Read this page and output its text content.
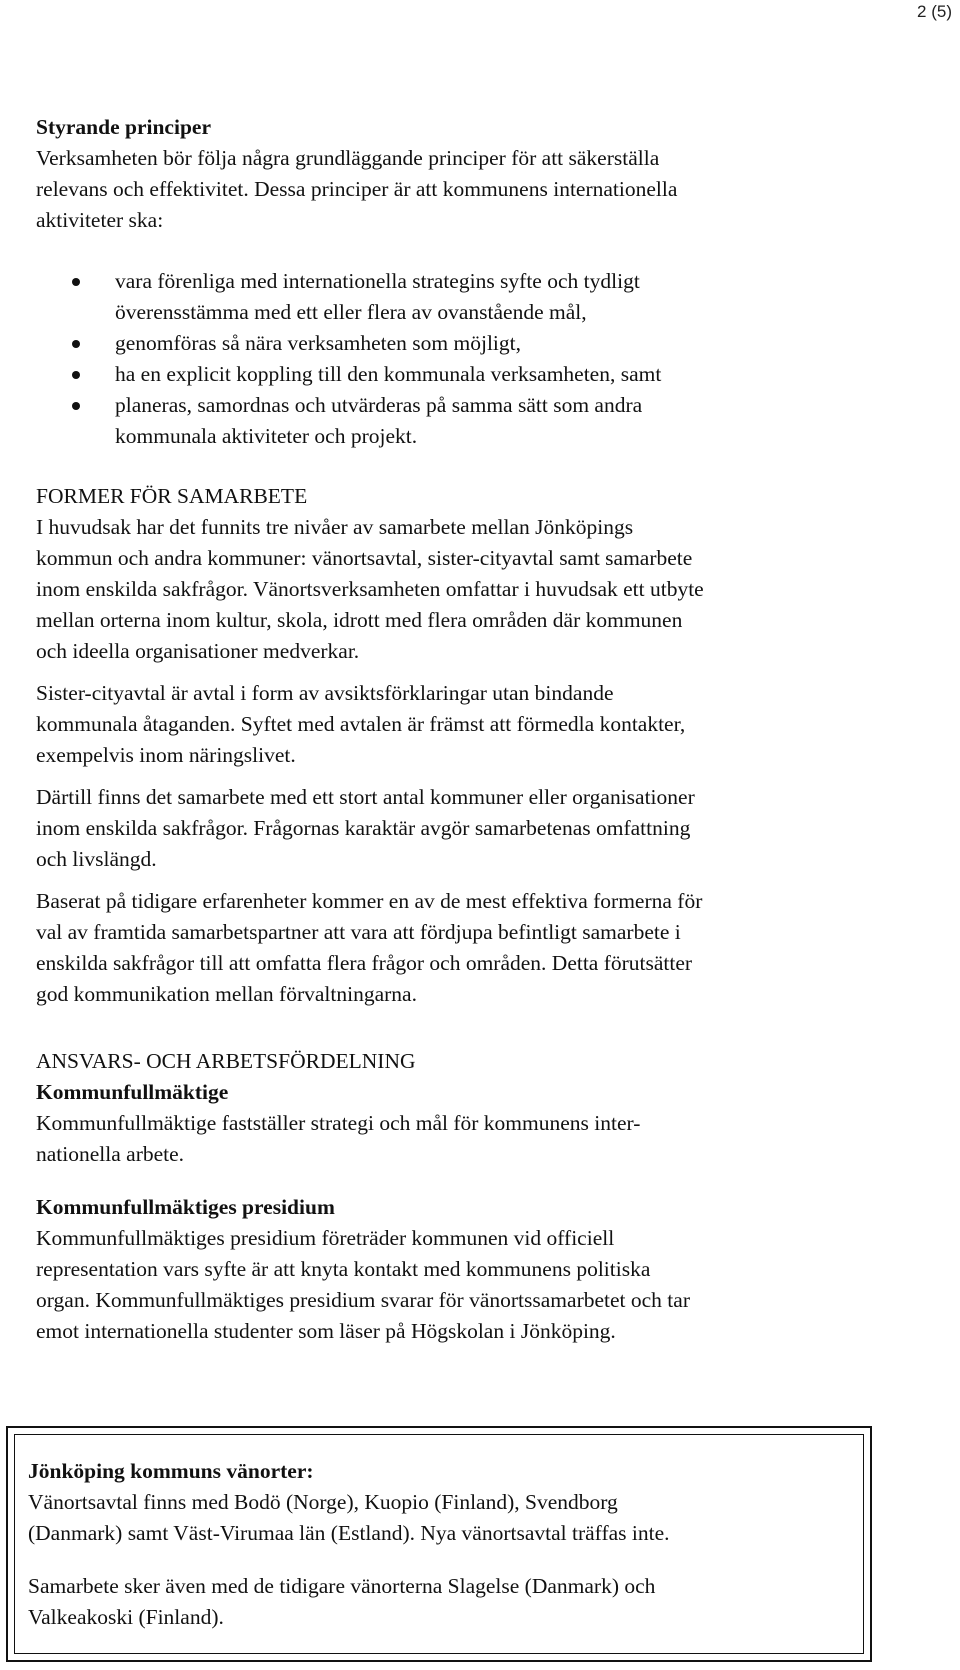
2 (5)
Styrande principer
Verksamheten bör följa några grundläggande principer för att säkerställa
relevans och effektivitet. Dessa principer är att kommunens internationella
aktiviteter ska:
vara förenliga med internationella strategins syfte och tydligt
överensstämma med ett eller flera av ovanstående mål,
genomföras så nära verksamheten som möjligt,
ha en explicit koppling till den kommunala verksamheten, samt
planeras, samordnas och utvärderas på samma sätt som andra
kommunala aktiviteter och projekt.
FORMER FÖR SAMARBETE
I huvudsak har det funnits tre nivåer av samarbete mellan Jönköpings
kommun och andra kommuner: vänortsavtal, sister-cityavtal samt samarbete
inom enskilda sakfrågor. Vänortsverksamheten omfattar i huvudsak ett utbyte
mellan orterna inom kultur, skola, idrott med flera områden där kommunen
och ideella organisationer medverkar.
Sister-cityavtal är avtal i form av avsiktsförklaringar utan bindande
kommunala åtaganden. Syftet med avtalen är främst att förmedla kontakter,
exempelvis inom näringslivet.
Därtill finns det samarbete med ett stort antal kommuner eller organisationer
inom enskilda sakfrågor. Frågornas karaktär avgör samarbetenas omfattning
och livslängd.
Baserat på tidigare erfarenheter kommer en av de mest effektiva formerna för
val av framtida samarbetspartner att vara att fördjupa befintligt samarbete i
enskilda sakfrågor till att omfatta flera frågor och områden. Detta förutsätter
god kommunikation mellan förvaltningarna.
ANSVARS- OCH ARBETSFÖRDELNING
Kommunfullmäktige
Kommunfullmäktige fastställer strategi och mål för kommunens inter-
nationella arbete.
Kommunfullmäktiges presidium
Kommunfullmäktiges presidium företräder kommunen vid officiell
representation vars syfte är att knyta kontakt med kommunens politiska
organ. Kommunfullmäktiges presidium svarar för vänortssamarbetet och tar
emot internationella studenter som läser på Högskolan i Jönköping.
Jönköping kommuns vänorter:
Vänortsavtal finns med Bodö (Norge), Kuopio (Finland), Svendborg
(Danmark) samt Väst-Virumaa län (Estland). Nya vänortsavtal träffas inte.
Samarbete sker även med de tidigare vänorterna Slagelse (Danmark) och
Valkeakoski (Finland).
